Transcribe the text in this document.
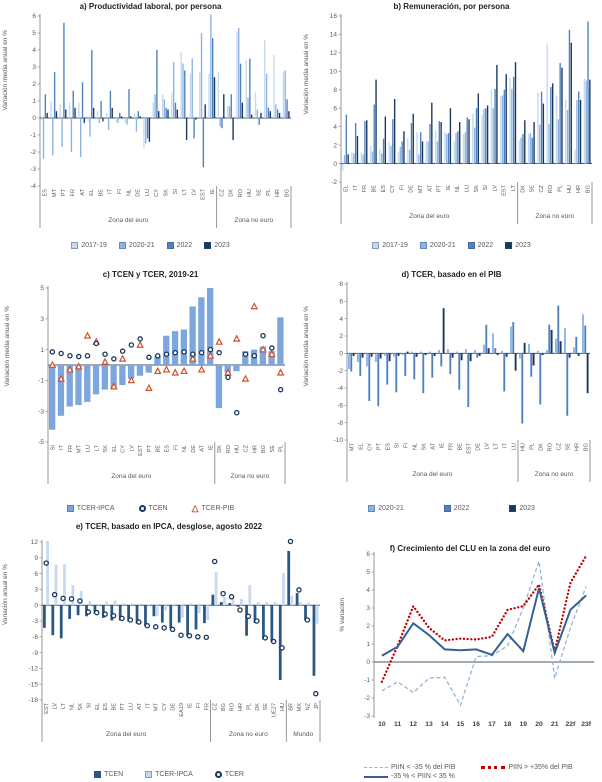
a) Productividad laboral, por persona
Variación media anual en %
-4
-3
-2
-1
0
1
2
3
4
5
6
ES MT PT FR AT EL BE IT FI NL DE LU CY SK SI LT LV EST IE CZ DK RO HU SE PL HR BG
Zona del euro	Zona no euro
2017-19	2020-21	2022	2023
b) Remuneración, por persona
Variación media anual en %
-2
0
2
4
6
8
10
12
14
16
EL IT FR BE ES CY FI DE MT AT PT IE NL LU SK SI LV EST LT DK SE CZ RO PL HU HR BG
Zona del euro	Zona no euro
2017-19	2020-21	2022	2023
c) TCEN y TCER, 2019-21
Variación media anual en %
-5
-3
-1
1
3
5
SI IT FR MT LU LT SK EL CY LV EST PT BE ES FI NL DE AT IE DK RO HU CZ HR BG SE PL
Zona del euro	Zona no euro
TCER-IPCA	TCEN	△ TCER-PIB
d) TCER, basado en el PIB
Variación media anual en %
-10
-8
-6
-4
-2
0
2
4
6
8
MT EL CY PT ES SI FI NL SK AT IE FR BE EST DE LV LT IT LU HU PL DK RO CZ SE HR BG
Zona del euro	Zona no euro
2020-21	2022	2023
e) TCER, basado en IPCA, desglose, agosto 2022
Variación anual en %
-18
-15
-12
-9
-6
-3
0
3
6
9
12
EST LV LT NL SK SI EL ES BE PT LU AT IT MT CY DE EA19 IE FI FR CZ BG RO HR PL DK SE UE27 HU BR MX NZ JP
Zona del euro	Zona no euro	Mundo
TCEN	TCER-IPCA	TCER
f) Crecimiento del CLU en la zona del euro
% variación
-3
-2
-1
0
1
2
3
4
5
6
10 11 12 13 14 15 16 17 18 19 20 21 22f 23f
PIIN < -35 % del PIB	PIIN > +35% del PIB
-35 % < PIIN < 35 %
